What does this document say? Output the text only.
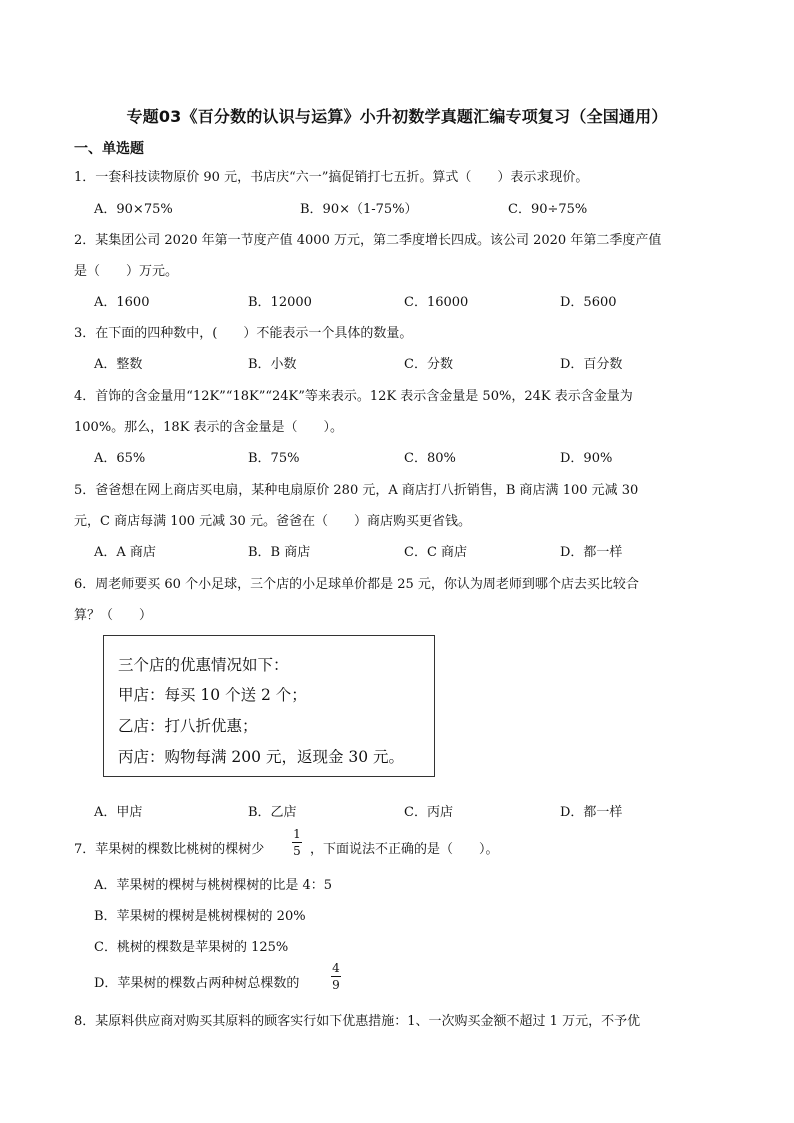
专题03《百分数的认识与运算》小升初数学真题汇编专项复习（全国通用）
一、单选题
1．一套科技读物原价 90 元，书店庆“六一”搞促销打七五折。算式（　　）表示求现价。
A．90×75%	B．90×（1-75%）	C．90÷75%
2．某集团公司 2020 年第一节度产值 4000 万元，第二季度增长四成。该公司 2020 年第二季度产值
是（　　）万元。
A．1600	B．12000	C．16000	D．5600
3．在下面的四种数中，(　　）不能表示一个具体的数量。
A．整数	B．小数	C．分数	D．百分数
4．首饰的含金量用“12K”“18K”“24K”等来表示。12K 表示含金量是 50%，24K 表示含金量为
100%。那么，18K 表示的含金量是（　　）。
A．65%	B．75%	C．80%	D．90%
5．爸爸想在网上商店买电扇，某种电扇原价 280 元，A 商店打八折销售，B 商店满 100 元减 30
元，C 商店每满 100 元减 30 元。爸爸在（　　）商店购买更省钱。
A．A 商店	B．B 商店	C．C 商店	D．都一样
6．周老师要买 60 个小足球，三个店的小足球单价都是 25 元，你认为周老师到哪个店去买比较合
算？（　　）
三个店的优惠情况如下：
甲店：每买 10 个送 2 个；
乙店：打八折优惠；
丙店：购物每满 200 元，返现金 30 元。
A．甲店	B．乙店	C．丙店	D．都一样
7．苹果树的棵数比桃树的棵树少
1
5 ，下面说法不正确的是（　　）。
A．苹果树的棵树与桃树棵树的比是 4：5
B．苹果树的棵树是桃树棵树的 20%
C．桃树的棵数是苹果树的 125%
D．苹果树的棵数占两种树总棵数的
4
9
8．某原料供应商对购买其原料的顾客实行如下优惠措施：1、一次购买金额不超过 1 万元，不予优
